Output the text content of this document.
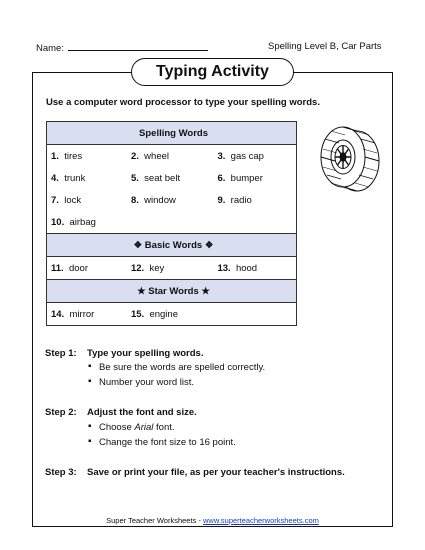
Name:	Spelling Level B, Car Parts
Typing Activity
Use a computer word processor to type your spelling words.
Spelling Words		
1. tires	2. wheel	3. gas cap
4. trunk	5. seat belt	6. bumper
7. lock	8. window	9. radio
10. airbag		
❖ Basic Words ❖		
11. door	12. key	13. hood
★ Star Words ★		
14. mirror	15. engine	
Step 1: Type your spelling words.
▪ Be sure the words are spelled correctly.
▪ Number your word list.
Step 2: Adjust the font and size.
▪ Choose Arial font.
▪ Change the font size to 16 point.
Step 3: Save or print your file, as per your teacher's instructions.
Super Teacher Worksheets - www.superteacherworksheets.com
